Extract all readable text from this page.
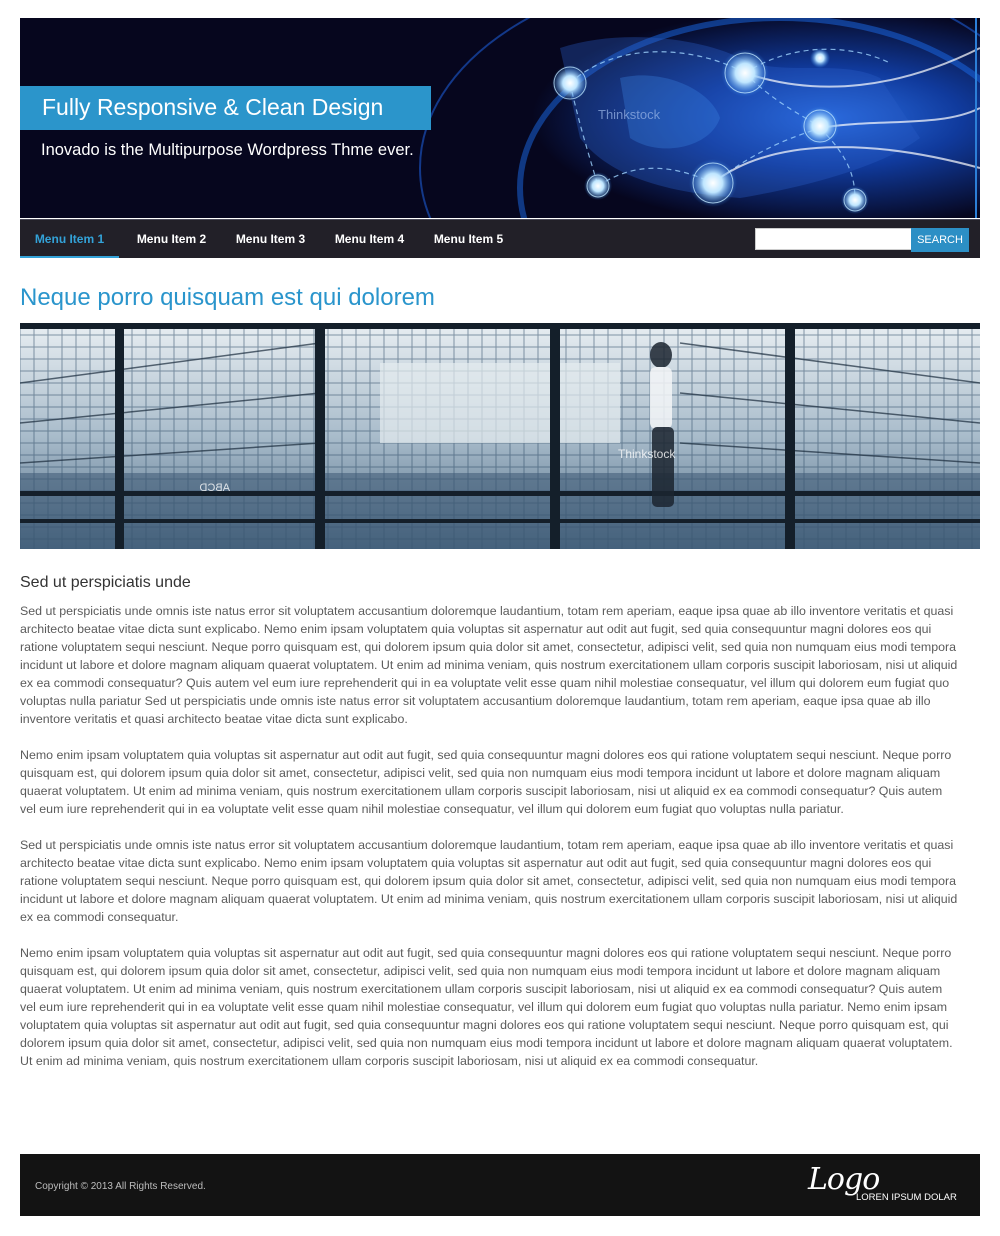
Thinkstock
Fully Responsive & Clean Design
Inovado is the Multipurpose Wordpress Thme ever.
Menu Item 1	Menu Item 2	Menu Item 3	Menu Item 4	Menu Item 5	SEARCH
Neque porro quisquam est qui dolorem
Thinkstock
ABCD
Sed ut perspiciatis unde

Sed ut perspiciatis unde omnis iste natus error sit voluptatem accusantium doloremque laudantium, totam rem aperiam, eaque ipsa quae ab illo inventore veritatis et quasi architecto beatae vitae dicta sunt explicabo. Nemo enim ipsam voluptatem quia voluptas sit aspernatur aut odit aut fugit, sed quia consequuntur magni dolores eos qui ratione voluptatem sequi nesciunt. Neque porro quisquam est, qui dolorem ipsum quia dolor sit amet, consectetur, adipisci velit, sed quia non numquam eius modi tempora incidunt ut labore et dolore magnam aliquam quaerat voluptatem. Ut enim ad minima veniam, quis nostrum exercitationem ullam corporis suscipit laboriosam, nisi ut aliquid ex ea commodi consequatur? Quis autem vel eum iure reprehenderit qui in ea voluptate velit esse quam nihil molestiae consequatur, vel illum qui dolorem eum fugiat quo voluptas nulla pariatur Sed ut perspiciatis unde omnis iste natus error sit voluptatem accusantium doloremque laudantium, totam rem aperiam, eaque ipsa quae ab illo inventore veritatis et quasi architecto beatae vitae dicta sunt explicabo.

Nemo enim ipsam voluptatem quia voluptas sit aspernatur aut odit aut fugit, sed quia consequuntur magni dolores eos qui ratione voluptatem sequi nesciunt. Neque porro quisquam est, qui dolorem ipsum quia dolor sit amet, consectetur, adipisci velit, sed quia non numquam eius modi tempora incidunt ut labore et dolore magnam aliquam quaerat voluptatem. Ut enim ad minima veniam, quis nostrum exercitationem ullam corporis suscipit laboriosam, nisi ut aliquid ex ea commodi consequatur? Quis autem vel eum iure reprehenderit qui in ea voluptate velit esse quam nihil molestiae consequatur, vel illum qui dolorem eum fugiat quo voluptas nulla pariatur.

Sed ut perspiciatis unde omnis iste natus error sit voluptatem accusantium doloremque laudantium, totam rem aperiam, eaque ipsa quae ab illo inventore veritatis et quasi architecto beatae vitae dicta sunt explicabo. Nemo enim ipsam voluptatem quia voluptas sit aspernatur aut odit aut fugit, sed quia consequuntur magni dolores eos qui ratione voluptatem sequi nesciunt. Neque porro quisquam est, qui dolorem ipsum quia dolor sit amet, consectetur, adipisci velit, sed quia non numquam eius modi tempora incidunt ut labore et dolore magnam aliquam quaerat voluptatem. Ut enim ad minima veniam, quis nostrum exercitationem ullam corporis suscipit laboriosam, nisi ut aliquid ex ea commodi consequatur.

Nemo enim ipsam voluptatem quia voluptas sit aspernatur aut odit aut fugit, sed quia consequuntur magni dolores eos qui ratione voluptatem sequi nesciunt. Neque porro quisquam est, qui dolorem ipsum quia dolor sit amet, consectetur, adipisci velit, sed quia non numquam eius modi tempora incidunt ut labore et dolore magnam aliquam quaerat voluptatem. Ut enim ad minima veniam, quis nostrum exercitationem ullam corporis suscipit laboriosam, nisi ut aliquid ex ea commodi consequatur? Quis autem vel eum iure reprehenderit qui in ea voluptate velit esse quam nihil molestiae consequatur, vel illum qui dolorem eum fugiat quo voluptas nulla pariatur. Nemo enim ipsam voluptatem quia voluptas sit aspernatur aut odit aut fugit, sed quia consequuntur magni dolores eos qui ratione voluptatem sequi nesciunt. Neque porro quisquam est, qui dolorem ipsum quia dolor sit amet, consectetur, adipisci velit, sed quia non numquam eius modi tempora incidunt ut labore et dolore magnam aliquam quaerat voluptatem. Ut enim ad minima veniam, quis nostrum exercitationem ullam corporis suscipit laboriosam, nisi ut aliquid ex ea commodi consequatur.

Copyright © 2013 All Rights Reserved.	Logo
LOREN IPSUM DOLAR
